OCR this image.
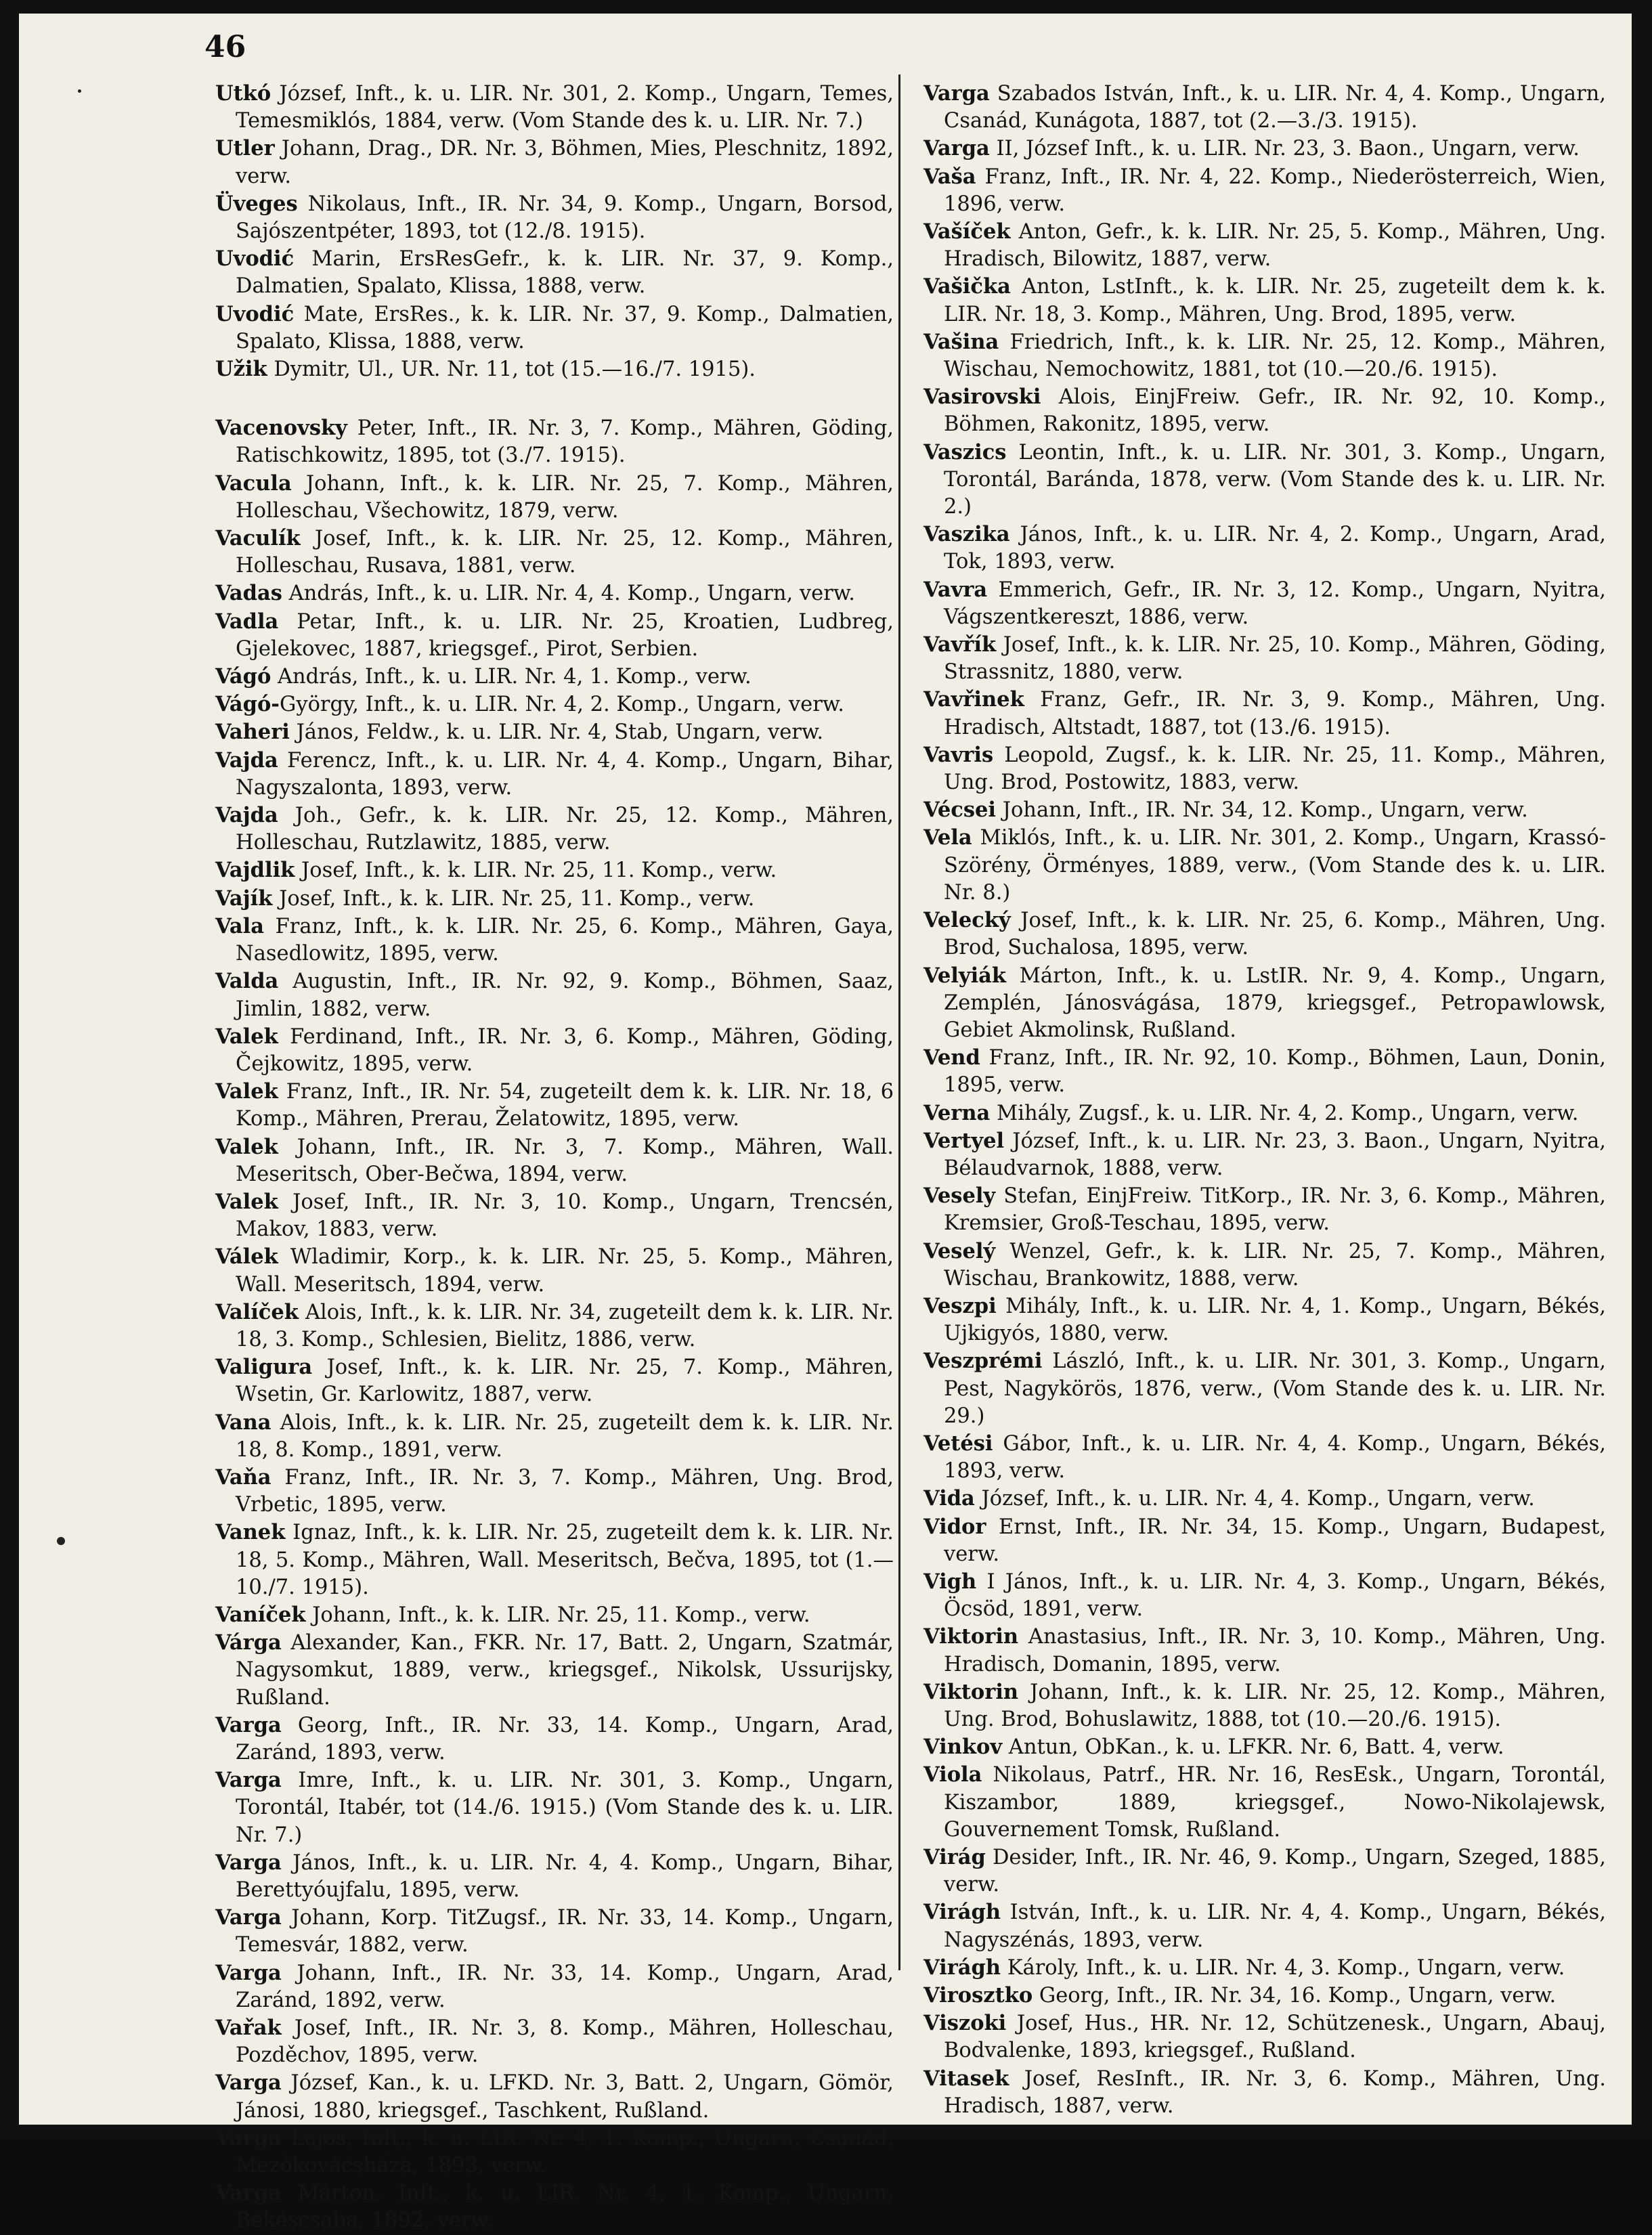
46

Utkó József, Inft., k. u. LIR. Nr. 301, 2. Komp., Ungarn, Temes, Temesmiklós, 1884, verw. (Vom Stande des k. u. LIR. Nr. 7.)

Utler Johann, Drag., DR. Nr. 3, Böhmen, Mies, Pleschnitz, 1892, verw.

Üveges Nikolaus, Inft., IR. Nr. 34, 9. Komp., Ungarn, Borsod, Sajószentpéter, 1893, tot (12./8. 1915).

Uvodić Marin, ErsResGefr., k. k. LIR. Nr. 37, 9. Komp., Dalmatien, Spalato, Klissa, 1888, verw.

Uvodić Mate, ErsRes., k. k. LIR. Nr. 37, 9. Komp., Dalmatien, Spalato, Klissa, 1888, verw.

Užik Dymitr, Ul., UR. Nr. 11, tot (15.—16./7. 1915).

Vacenovsky Peter, Inft., IR. Nr. 3, 7. Komp., Mähren, Göding, Ratischkowitz, 1895, tot (3./7. 1915).

Vacula Johann, Inft., k. k. LIR. Nr. 25, 7. Komp., Mähren, Holleschau, Všechowitz, 1879, verw.

Vaculík Josef, Inft., k. k. LIR. Nr. 25, 12. Komp., Mähren, Holleschau, Rusava, 1881, verw.

Vadas András, Inft., k. u. LIR. Nr. 4, 4. Komp., Ungarn, verw.

Vadla Petar, Inft., k. u. LIR. Nr. 25, Kroatien, Ludbreg, Gjelekovec, 1887, kriegsgef., Pirot, Serbien.

Vágó András, Inft., k. u. LIR. Nr. 4, 1. Komp., verw.

Vágó-György, Inft., k. u. LIR. Nr. 4, 2. Komp., Ungarn, verw.

Vaheri János, Feldw., k. u. LIR. Nr. 4, Stab, Ungarn, verw.

Vajda Ferencz, Inft., k. u. LIR. Nr. 4, 4. Komp., Ungarn, Bihar, Nagyszalonta, 1893, verw.

Vajda Joh., Gefr., k. k. LIR. Nr. 25, 12. Komp., Mähren, Holleschau, Rutzlawitz, 1885, verw.

Vajdlik Josef, Inft., k. k. LIR. Nr. 25, 11. Komp., verw.

Vajík Josef, Inft., k. k. LIR. Nr. 25, 11. Komp., verw.

Vala Franz, Inft., k. k. LIR. Nr. 25, 6. Komp., Mähren, Gaya, Nasedlowitz, 1895, verw.

Valda Augustin, Inft., IR. Nr. 92, 9. Komp., Böhmen, Saaz, Jimlin, 1882, verw.

Valek Ferdinand, Inft., IR. Nr. 3, 6. Komp., Mähren, Göding, Čejkowitz, 1895, verw.

Valek Franz, Inft., IR. Nr. 54, zugeteilt dem k. k. LIR. Nr. 18, 6 Komp., Mähren, Prerau, Želatowitz, 1895, verw.

Valek Johann, Inft., IR. Nr. 3, 7. Komp., Mähren, Wall. Meseritsch, Ober-Bečwa, 1894, verw.

Valek Josef, Inft., IR. Nr. 3, 10. Komp., Ungarn, Trencsén, Makov, 1883, verw.

Válek Wladimir, Korp., k. k. LIR. Nr. 25, 5. Komp., Mähren, Wall. Meseritsch, 1894, verw.

Valíček Alois, Inft., k. k. LIR. Nr. 34, zugeteilt dem k. k. LIR. Nr. 18, 3. Komp., Schlesien, Bielitz, 1886, verw.

Valigura Josef, Inft., k. k. LIR. Nr. 25, 7. Komp., Mähren, Wsetin, Gr. Karlowitz, 1887, verw.

Vana Alois, Inft., k. k. LIR. Nr. 25, zugeteilt dem k. k. LIR. Nr. 18, 8. Komp., 1891, verw.

Vaňa Franz, Inft., IR. Nr. 3, 7. Komp., Mähren, Ung. Brod, Vrbetic, 1895, verw.

Vanek Ignaz, Inft., k. k. LIR. Nr. 25, zugeteilt dem k. k. LIR. Nr. 18, 5. Komp., Mähren, Wall. Meseritsch, Bečva, 1895, tot (1.—10./7. 1915).

Vaníček Johann, Inft., k. k. LIR. Nr. 25, 11. Komp., verw.

Várga Alexander, Kan., FKR. Nr. 17, Batt. 2, Ungarn, Szatmár, Nagysomkut, 1889, verw., kriegsgef., Nikolsk, Ussurijsky, Rußland.

Varga Georg, Inft., IR. Nr. 33, 14. Komp., Ungarn, Arad, Zaránd, 1893, verw.

Varga Imre, Inft., k. u. LIR. Nr. 301, 3. Komp., Ungarn, Torontál, Itabér, tot (14./6. 1915.) (Vom Stande des k. u. LIR. Nr. 7.)

Varga János, Inft., k. u. LIR. Nr. 4, 4. Komp., Ungarn, Bihar, Berettyóujfalu, 1895, verw.

Varga Johann, Korp. TitZugsf., IR. Nr. 33, 14. Komp., Ungarn, Temesvár, 1882, verw.

Varga Johann, Inft., IR. Nr. 33, 14. Komp., Ungarn, Arad, Zaránd, 1892, verw.

Vařak Josef, Inft., IR. Nr. 3, 8. Komp., Mähren, Holleschau, Pozděchov, 1895, verw.

Varga József, Kan., k. u. LFKD. Nr. 3, Batt. 2, Ungarn, Gömör, Jánosi, 1880, kriegsgef., Taschkent, Rußland.

Varga Lajos, Inft., k. u. LIR. Nr. 4, 1. Komp., Ungarn, Csanád, Mezőkovácsháza, 1893, verw.

Varga Márton, Inft., k. u. LIR. Nr. 4, 1. Komp., Ungarn, Békéscsaba, 1892, verw.

Varga Szabados István, Inft., k. u. LIR. Nr. 4, 4. Komp., Ungarn, Csanád, Kunágota, 1887, tot (2.—3./3. 1915).

Varga II, József Inft., k. u. LIR. Nr. 23, 3. Baon., Ungarn, verw.

Vaša Franz, Inft., IR. Nr. 4, 22. Komp., Niederösterreich, Wien, 1896, verw.

Vašíček Anton, Gefr., k. k. LIR. Nr. 25, 5. Komp., Mähren, Ung. Hradisch, Bilowitz, 1887, verw.

Vašička Anton, LstInft., k. k. LIR. Nr. 25, zugeteilt dem k. k. LIR. Nr. 18, 3. Komp., Mähren, Ung. Brod, 1895, verw.

Vašina Friedrich, Inft., k. k. LIR. Nr. 25, 12. Komp., Mähren, Wischau, Nemochowitz, 1881, tot (10.—20./6. 1915).

Vasirovski Alois, EinjFreiw. Gefr., IR. Nr. 92, 10. Komp., Böhmen, Rakonitz, 1895, verw.

Vaszics Leontin, Inft., k. u. LIR. Nr. 301, 3. Komp., Ungarn, Torontál, Baránda, 1878, verw. (Vom Stande des k. u. LIR. Nr. 2.)

Vaszika János, Inft., k. u. LIR. Nr. 4, 2. Komp., Ungarn, Arad, Tok, 1893, verw.

Vavra Emmerich, Gefr., IR. Nr. 3, 12. Komp., Ungarn, Nyitra, Vágszentkereszt, 1886, verw.

Vavřík Josef, Inft., k. k. LIR. Nr. 25, 10. Komp., Mähren, Göding, Strassnitz, 1880, verw.

Vavřinek Franz, Gefr., IR. Nr. 3, 9. Komp., Mähren, Ung. Hradisch, Altstadt, 1887, tot (13./6. 1915).

Vavris Leopold, Zugsf., k. k. LIR. Nr. 25, 11. Komp., Mähren, Ung. Brod, Postowitz, 1883, verw.

Vécsei Johann, Inft., IR. Nr. 34, 12. Komp., Ungarn, verw.

Vela Miklós, Inft., k. u. LIR. Nr. 301, 2. Komp., Ungarn, Krassó-Szörény, Örményes, 1889, verw., (Vom Stande des k. u. LIR. Nr. 8.)

Velecký Josef, Inft., k. k. LIR. Nr. 25, 6. Komp., Mähren, Ung. Brod, Suchalosa, 1895, verw.

Velyiák Márton, Inft., k. u. LstIR. Nr. 9, 4. Komp., Ungarn, Zemplén, Jánosvágása, 1879, kriegsgef., Petropawlowsk, Gebiet Akmolinsk, Rußland.

Vend Franz, Inft., IR. Nr. 92, 10. Komp., Böhmen, Laun, Donin, 1895, verw.

Verna Mihály, Zugsf., k. u. LIR. Nr. 4, 2. Komp., Ungarn, verw.

Vertyel József, Inft., k. u. LIR. Nr. 23, 3. Baon., Ungarn, Nyitra, Bélaudvarnok, 1888, verw.

Vesely Stefan, EinjFreiw. TitKorp., IR. Nr. 3, 6. Komp., Mähren, Kremsier, Groß-Teschau, 1895, verw.

Veselý Wenzel, Gefr., k. k. LIR. Nr. 25, 7. Komp., Mähren, Wischau, Brankowitz, 1888, verw.

Veszpi Mihály, Inft., k. u. LIR. Nr. 4, 1. Komp., Ungarn, Békés, Ujkigyós, 1880, verw.

Veszprémi László, Inft., k. u. LIR. Nr. 301, 3. Komp., Ungarn, Pest, Nagykörös, 1876, verw., (Vom Stande des k. u. LIR. Nr. 29.)

Vetési Gábor, Inft., k. u. LIR. Nr. 4, 4. Komp., Ungarn, Békés, 1893, verw.

Vida József, Inft., k. u. LIR. Nr. 4, 4. Komp., Ungarn, verw.

Vidor Ernst, Inft., IR. Nr. 34, 15. Komp., Ungarn, Budapest, verw.

Vigh I János, Inft., k. u. LIR. Nr. 4, 3. Komp., Ungarn, Békés, Öcsöd, 1891, verw.

Viktorin Anastasius, Inft., IR. Nr. 3, 10. Komp., Mähren, Ung. Hradisch, Domanin, 1895, verw.

Viktorin Johann, Inft., k. k. LIR. Nr. 25, 12. Komp., Mähren, Ung. Brod, Bohuslawitz, 1888, tot (10.—20./6. 1915).

Vinkov Antun, ObKan., k. u. LFKR. Nr. 6, Batt. 4, verw.

Viola Nikolaus, Patrf., HR. Nr. 16, ResEsk., Ungarn, Torontál, Kiszambor, 1889, kriegsgef., Nowo-Nikolajewsk, Gouvernement Tomsk, Rußland.

Virág Desider, Inft., IR. Nr. 46, 9. Komp., Ungarn, Szeged, 1885, verw.

Virágh István, Inft., k. u. LIR. Nr. 4, 4. Komp., Ungarn, Békés, Nagyszénás, 1893, verw.

Virágh Károly, Inft., k. u. LIR. Nr. 4, 3. Komp., Ungarn, verw.

Virosztko Georg, Inft., IR. Nr. 34, 16. Komp., Ungarn, verw.

Viszoki Josef, Hus., HR. Nr. 12, Schützenesk., Ungarn, Abauj, Bodvalenke, 1893, kriegsgef., Rußland.

Vitasek Josef, ResInft., IR. Nr. 3, 6. Komp., Mähren, Ung. Hradisch, 1887, verw.
